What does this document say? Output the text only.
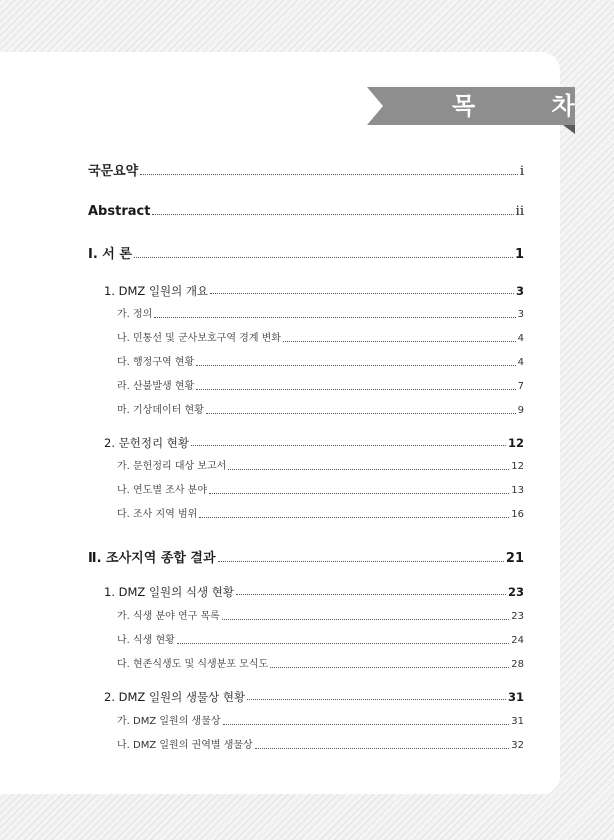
목 차
국문요약	i
Abstract	ii
Ⅰ. 서 론	1
1. DMZ 일원의 개요	3
가. 정의	3
나. 민통선 및 군사보호구역 경계 변화	4
다. 행정구역 현황	4
라. 산불발생 현황	7
마. 기상데이터 현황	9
2. 문헌정리 현황	12
가. 문헌정리 대상 보고서	12
나. 연도별 조사 분야	13
다. 조사 지역 범위	16
Ⅱ. 조사지역 종합 결과	21
1. DMZ 일원의 식생 현황	23
가. 식생 분야 연구 목록	23
나. 식생 현황	24
다. 현존식생도 및 식생분포 모식도	28
2. DMZ 일원의 생물상 현황	31
가. DMZ 일원의 생물상	31
나. DMZ 일원의 권역별 생물상	32
